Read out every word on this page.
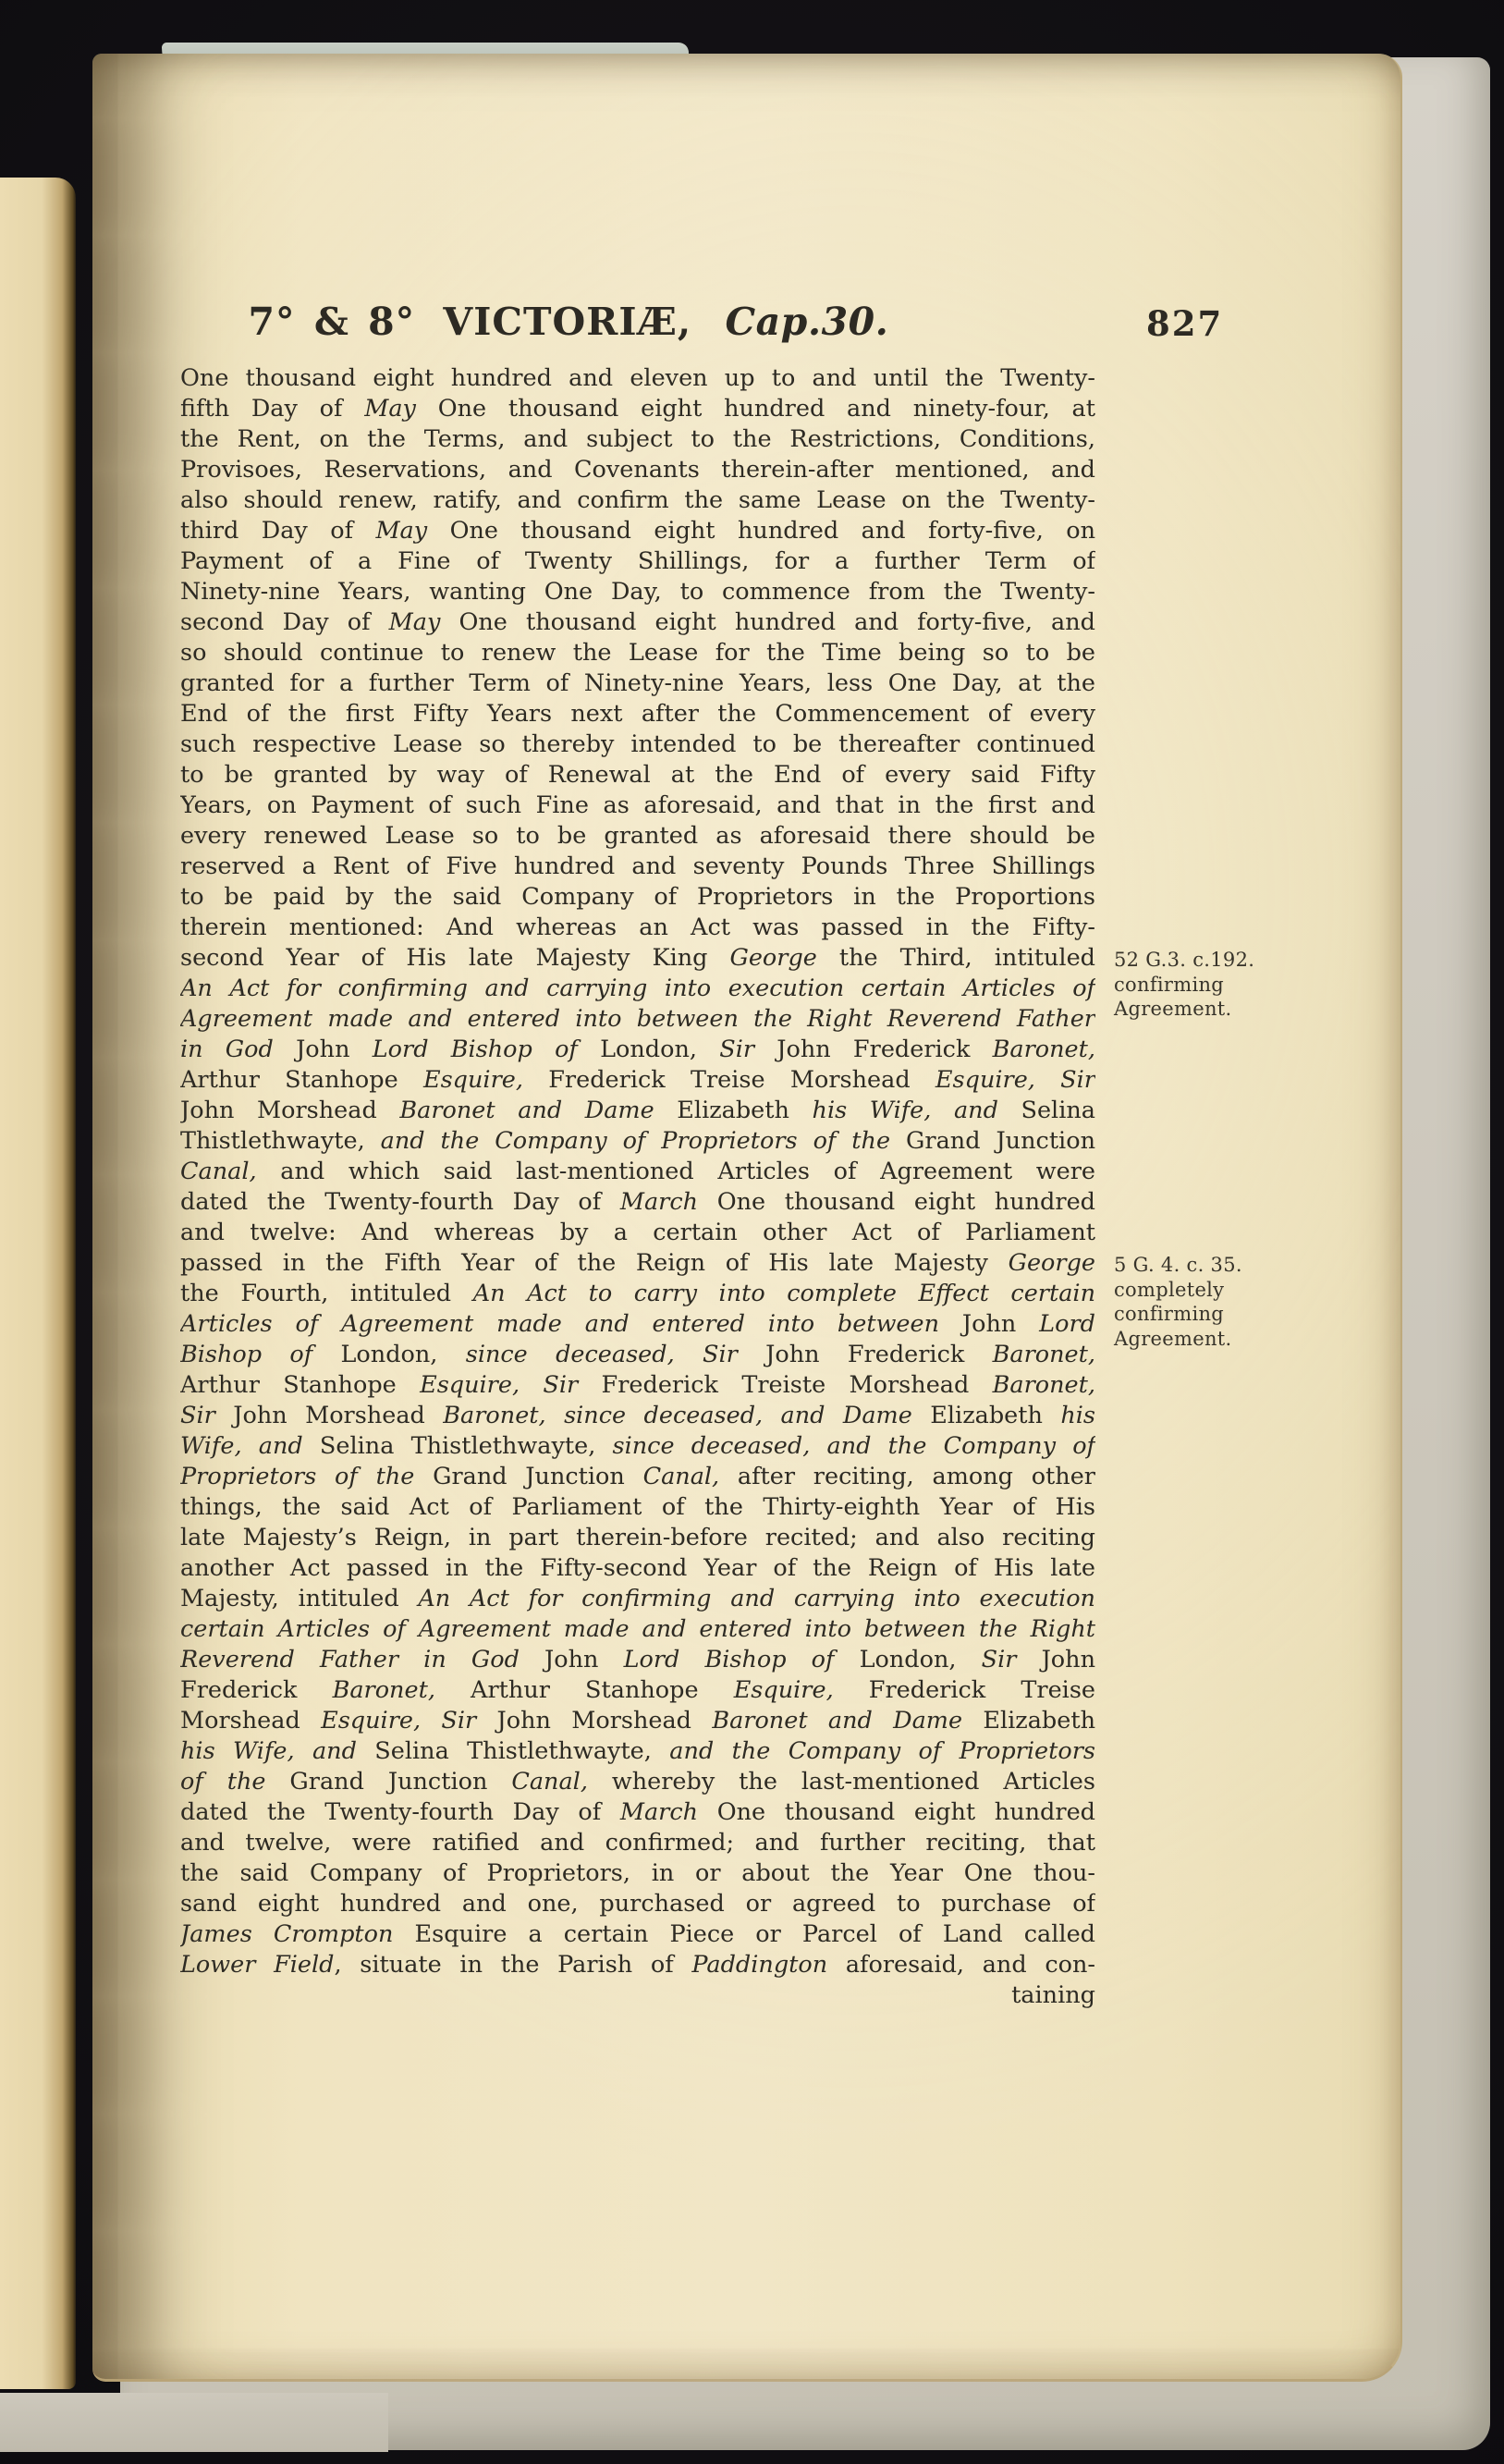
7° & 8° VICTORIÆ, Cap.30.	827
One thousand eight hundred and eleven up to and until the Twenty-
fifth Day of May One thousand eight hundred and ninety-four, at
the Rent, on the Terms, and subject to the Restrictions, Conditions,
Provisoes, Reservations, and Covenants therein-after mentioned, and
also should renew, ratify, and confirm the same Lease on the Twenty-
third Day of May One thousand eight hundred and forty-five, on
Payment of a Fine of Twenty Shillings, for a further Term of
Ninety-nine Years, wanting One Day, to commence from the Twenty-
second Day of May One thousand eight hundred and forty-five, and
so should continue to renew the Lease for the Time being so to be
granted for a further Term of Ninety-nine Years, less One Day, at the
End of the first Fifty Years next after the Commencement of every
such respective Lease so thereby intended to be thereafter continued
to be granted by way of Renewal at the End of every said Fifty
Years, on Payment of such Fine as aforesaid, and that in the first and
every renewed Lease so to be granted as aforesaid there should be
reserved a Rent of Five hundred and seventy Pounds Three Shillings
to be paid by the said Company of Proprietors in the Proportions
therein mentioned: And whereas an Act was passed in the Fifty-
second Year of His late Majesty King George the Third, intituled
An Act for confirming and carrying into execution certain Articles of
Agreement made and entered into between the Right Reverend Father
in God John Lord Bishop of London, Sir John Frederick Baronet,
Arthur Stanhope Esquire, Frederick Treise Morshead Esquire, Sir
John Morshead Baronet and Dame Elizabeth his Wife, and Selina
Thistlethwayte, and the Company of Proprietors of the Grand Junction
Canal, and which said last-mentioned Articles of Agreement were
dated the Twenty-fourth Day of March One thousand eight hundred
and twelve: And whereas by a certain other Act of Parliament
passed in the Fifth Year of the Reign of His late Majesty George
the Fourth, intituled An Act to carry into complete Effect certain
Articles of Agreement made and entered into between John Lord
Bishop of London, since deceased, Sir John Frederick Baronet,
Arthur Stanhope Esquire, Sir Frederick Treiste Morshead Baronet,
Sir John Morshead Baronet, since deceased, and Dame Elizabeth his
Wife, and Selina Thistlethwayte, since deceased, and the Company of
Proprietors of the Grand Junction Canal, after reciting, among other
things, the said Act of Parliament of the Thirty-eighth Year of His
late Majesty’s Reign, in part therein-before recited; and also reciting
another Act passed in the Fifty-second Year of the Reign of His late
Majesty, intituled An Act for confirming and carrying into execution
certain Articles of Agreement made and entered into between the Right
Reverend Father in God John Lord Bishop of London, Sir John
Frederick Baronet, Arthur Stanhope Esquire, Frederick Treise
Morshead Esquire, Sir John Morshead Baronet and Dame Elizabeth
his Wife, and Selina Thistlethwayte, and the Company of Proprietors
of the Grand Junction Canal, whereby the last-mentioned Articles
dated the Twenty-fourth Day of March One thousand eight hundred
and twelve, were ratified and confirmed; and further reciting, that
the said Company of Proprietors, in or about the Year One thou-
sand eight hundred and one, purchased or agreed to purchase of
James Crompton Esquire a certain Piece or Parcel of Land called
Lower Field, situate in the Parish of Paddington aforesaid, and con-
52 G.3. c.192.
confirming
Agreement.
5 G. 4. c. 35.
completely
confirming
Agreement.
taining
